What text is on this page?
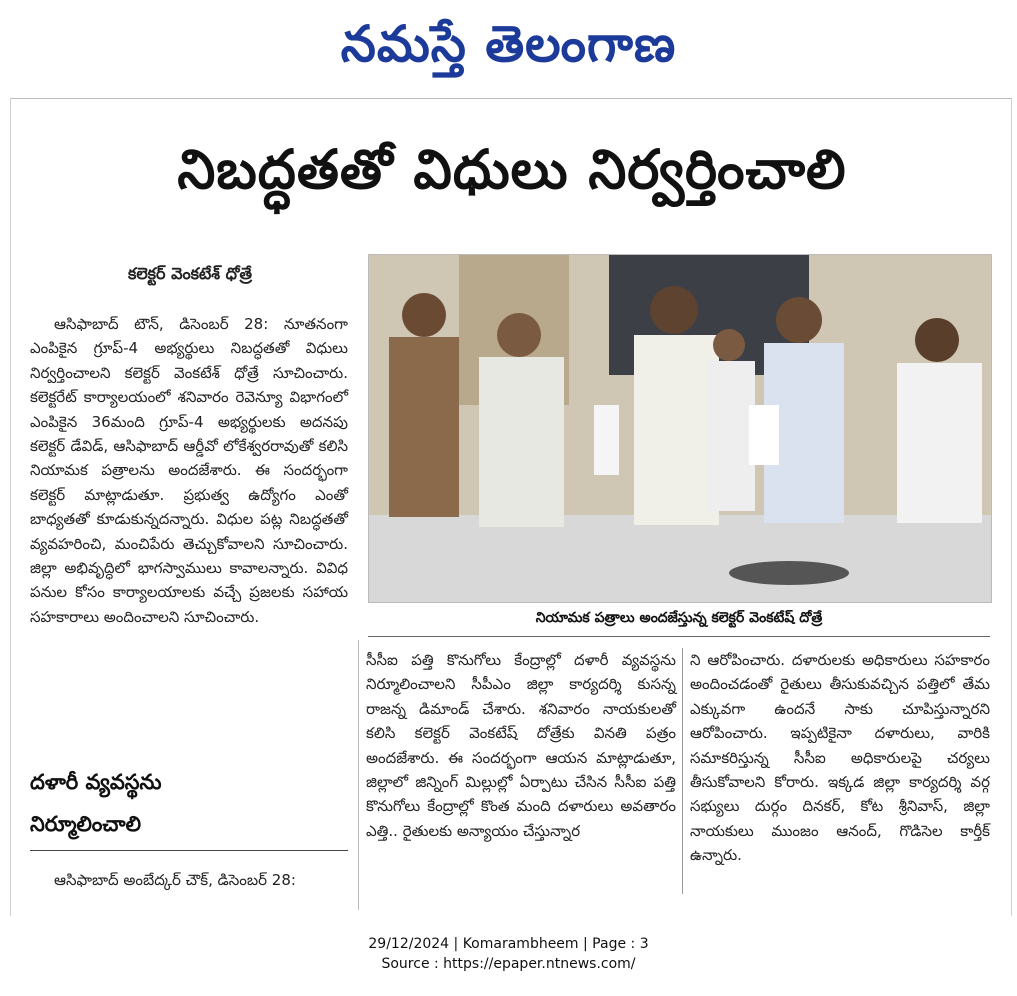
నమస్తే తెలంగాణ
నిబద్ధతతో విధులు నిర్వర్తించాలి
కలెక్టర్ వెంకటేశ్ ధోత్రే

ఆసిఫాబాద్ టౌన్, డిసెంబర్ 28: నూతనంగా ఎంపికైన గ్రూప్-4 అభ్యర్థులు నిబద్ధతతో విధులు నిర్వర్తించాలని కలెక్టర్ వెంకటేశ్ ధోత్రే సూచించారు. కలెక్టరేట్ కార్యాలయంలో శనివారం రెవెన్యూ విభాగంలో ఎంపికైన 36మంది గ్రూప్-4 అభ్యర్థులకు అదనపు కలెక్టర్ డేవిడ్, ఆసిఫాబాద్ ఆర్డీవో లోకేశ్వరరావుతో కలిసి నియామక పత్రాలను అందజేశారు. ఈ సందర్భంగా కలెక్టర్ మాట్లాడుతూ. ప్రభుత్వ ఉద్యోగం ఎంతో బాధ్యతతో కూడుకున్నదన్నారు. విధుల పట్ల నిబద్ధతతో వ్యవహరించి, మంచిపేరు తెచ్చుకోవాలని సూచించారు. జిల్లా అభివృద్ధిలో భాగస్వాములు కావాలన్నారు. వివిధ పనుల కోసం కార్యాలయాలకు వచ్చే ప్రజలకు సహాయ సహకారాలు అందించాలని సూచించారు.

దళారీ వ్యవస్థను
నిర్మూలించాలి

ఆసిఫాబాద్ అంబేద్కర్ చౌక్, డిసెంబర్ 28:

నియామక పత్రాలు అందజేస్తున్న కలెక్టర్ వెంకటేష్ దోత్రే

సీసీఐ పత్తి కొనుగోలు కేంద్రాల్లో దళారీ వ్యవస్థను నిర్మూలించాలని సీపీఎం జిల్లా కార్యదర్శి కుసన్న రాజన్న డిమాండ్ చేశారు. శనివారం నాయకులతో కలిసి కలెక్టర్ వెంకటేష్ దోత్రేకు వినతి పత్రం అందజేశారు. ఈ సందర్భంగా ఆయన మాట్లాడుతూ, జిల్లాలో జిన్నింగ్ మిల్లుల్లో ఏర్పాటు చేసిన సీసీఐ పత్తి కొనుగోలు కేంద్రాల్లో కొంత మంది దళారులు అవతారం ఎత్తి.. రైతులకు అన్యాయం చేస్తున్నార

ని ఆరోపించారు. దళారులకు అధికారులు సహకారం అందించడంతో రైతులు తీసుకువచ్చిన పత్తిలో తేమ ఎక్కువగా ఉందనే సాకు చూపిస్తున్నారని ఆరోపించారు. ఇప్పటికైనా దళారులు, వారికి సమాకరిస్తున్న సీసీఐ అధికారులపై చర్యలు తీసుకోవాలని కోరారు. ఇక్కడ జిల్లా కార్యదర్శి వర్గ సభ్యులు దుర్గం దినకర్, కోట శ్రీనివాస్, జిల్లా నాయకులు ముంజం ఆనంద్, గొడిసెల కార్తీక్ ఉన్నారు.

29/12/2024 | Komarambheem | Page : 3
Source : https://epaper.ntnews.com/
